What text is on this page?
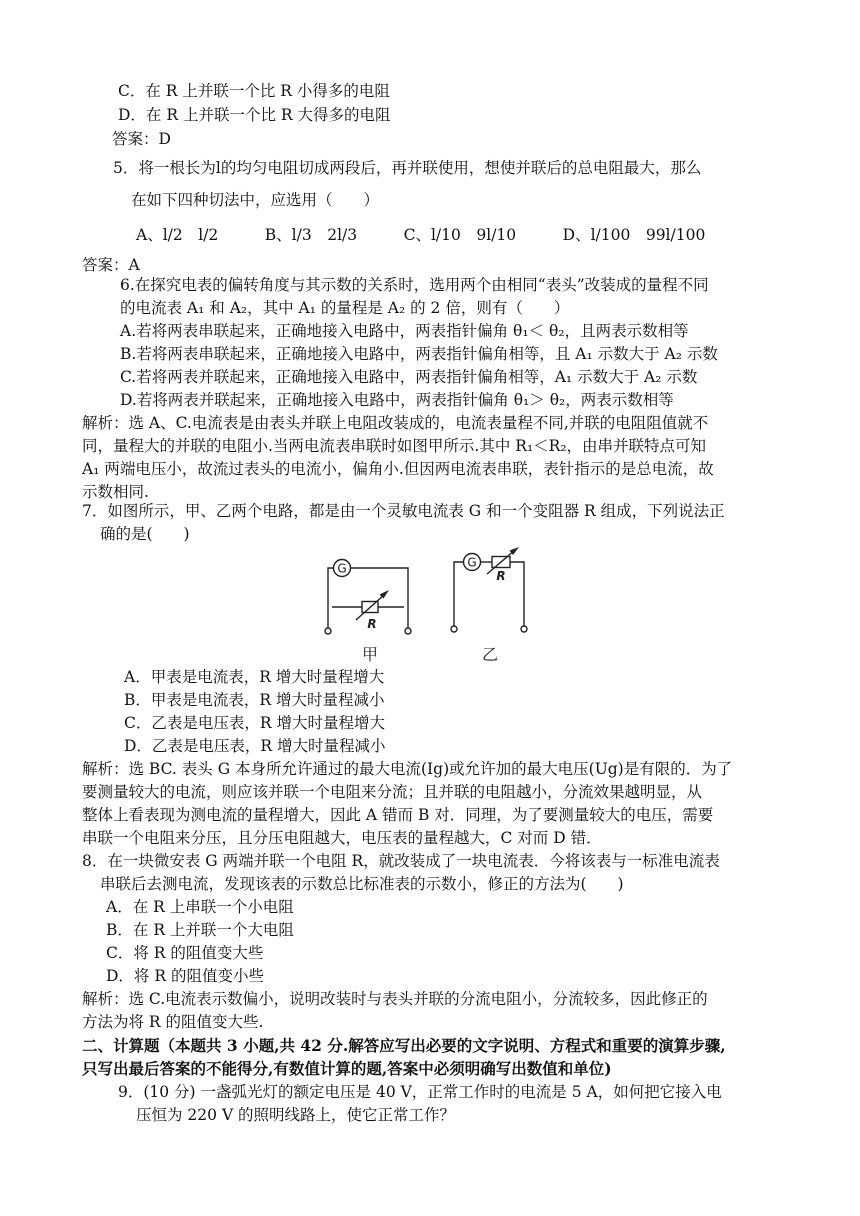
C．在 R 上并联一个比 R 小得多的电阻
D．在 R 上并联一个比 R 大得多的电阻
答案：D
5．将一根长为l的均匀电阻切成两段后，再并联使用，想使并联后的总电阻最大，那么
在如下四种切法中，应选用（　　）
A、l/2　l/2　　　B、l/3　2l/3　　　C、l/10　9l/10　　　D、l/100　99l/100
答案：A
6.在探究电表的偏转角度与其示数的关系时，选用两个由相同“表头”改装成的量程不同
的电流表 A₁ 和 A₂，其中 A₁ 的量程是 A₂ 的 2 倍，则有（　　）
A.若将两表串联起来，正确地接入电路中，两表指针偏角 θ₁＜ θ₂，且两表示数相等
B.若将两表串联起来，正确地接入电路中，两表指针偏角相等，且 A₁ 示数大于 A₂ 示数
C.若将两表并联起来，正确地接入电路中，两表指针偏角相等，A₁ 示数大于 A₂ 示数
D.若将两表并联起来，正确地接入电路中，两表指针偏角 θ₁＞ θ₂，两表示数相等
解析：选 A、C.电流表是由表头并联上电阻改装成的，电流表量程不同,并联的电阻阻值就不
同，量程大的并联的电阻小.当两电流表串联时如图甲所示.其中 R₁＜R₂，由串并联特点可知
A₁ 两端电压小，故流过表头的电流小，偏角小.但因两电流表串联，表针指示的是总电流，故
示数相同.
7．如图所示，甲、乙两个电路，都是由一个灵敏电流表 G 和一个变阻器 R 组成，下列说法正
确的是(　　)
G	G
R
R
甲	乙
A．甲表是电流表，R 增大时量程增大
B．甲表是电流表，R 增大时量程减小
C．乙表是电压表，R 增大时量程增大
D．乙表是电压表，R 增大时量程减小
解析：选 BC. 表头 G 本身所允许通过的最大电流(Ig)或允许加的最大电压(Ug)是有限的．为了
要测量较大的电流，则应该并联一个电阻来分流；且并联的电阻越小，分流效果越明显，从
整体上看表现为测电流的量程增大，因此 A 错而 B 对．同理，为了要测量较大的电压，需要
串联一个电阻来分压，且分压电阻越大，电压表的量程越大，C 对而 D 错．
8．在一块微安表 G 两端并联一个电阻 R，就改装成了一块电流表．今将该表与一标准电流表
串联后去测电流，发现该表的示数总比标准表的示数小，修正的方法为(　　)
A．在 R 上串联一个小电阻
B．在 R 上并联一个大电阻
C．将 R 的阻值变大些
D．将 R 的阻值变小些
解析：选 C.电流表示数偏小，说明改装时与表头并联的分流电阻小，分流较多，因此修正的
方法为将 R 的阻值变大些.
二、计算题（本题共 3 小题,共 42 分.解答应写出必要的文字说明、方程式和重要的演算步骤,
只写出最后答案的不能得分,有数值计算的题,答案中必须明确写出数值和单位)
9．(10 分) 一盏弧光灯的额定电压是 40 V，正常工作时的电流是 5 A，如何把它接入电
压恒为 220 V 的照明线路上，使它正常工作？
